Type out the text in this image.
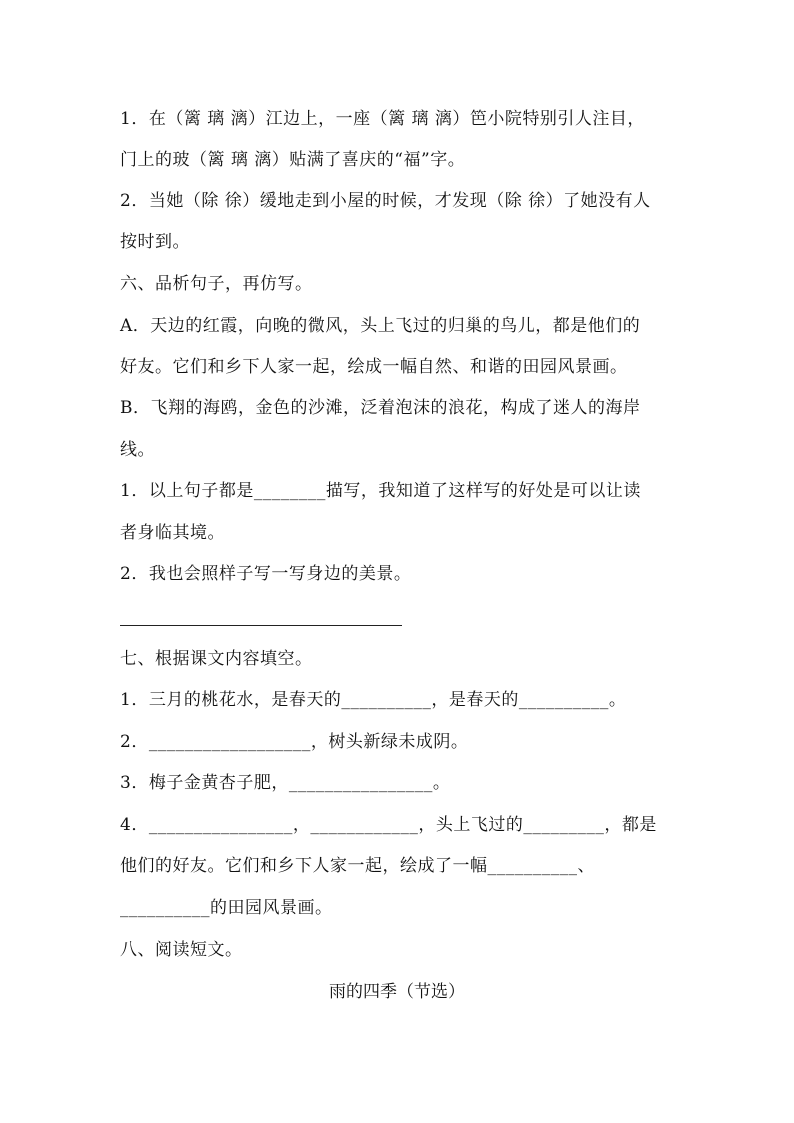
1．在（篱 璃 漓）江边上，一座（篱 璃 漓）笆小院特别引人注目，
门上的玻（篱 璃 漓）贴满了喜庆的“福”字。
2．当她（除 徐）缓地走到小屋的时候，才发现（除 徐）了她没有人
按时到。
六、品析句子，再仿写。
A．天边的红霞，向晚的微风，头上飞过的归巢的鸟儿，都是他们的
好友。它们和乡下人家一起，绘成一幅自然、和谐的田园风景画。
B．飞翔的海鸥，金色的沙滩，泛着泡沫的浪花，构成了迷人的海岸
线。
1．以上句子都是________描写，我知道了这样写的好处是可以让读
者身临其境。
2．我也会照样子写一写身边的美景。
七、根据课文内容填空。
1．三月的桃花水，是春天的__________，是春天的__________。
2．__________________，树头新绿未成阴。
3．梅子金黄杏子肥，________________。
4．________________，____________，头上飞过的_________，都是
他们的好友。它们和乡下人家一起，绘成了一幅__________、
__________的田园风景画。
八、阅读短文。
雨的四季（节选）
